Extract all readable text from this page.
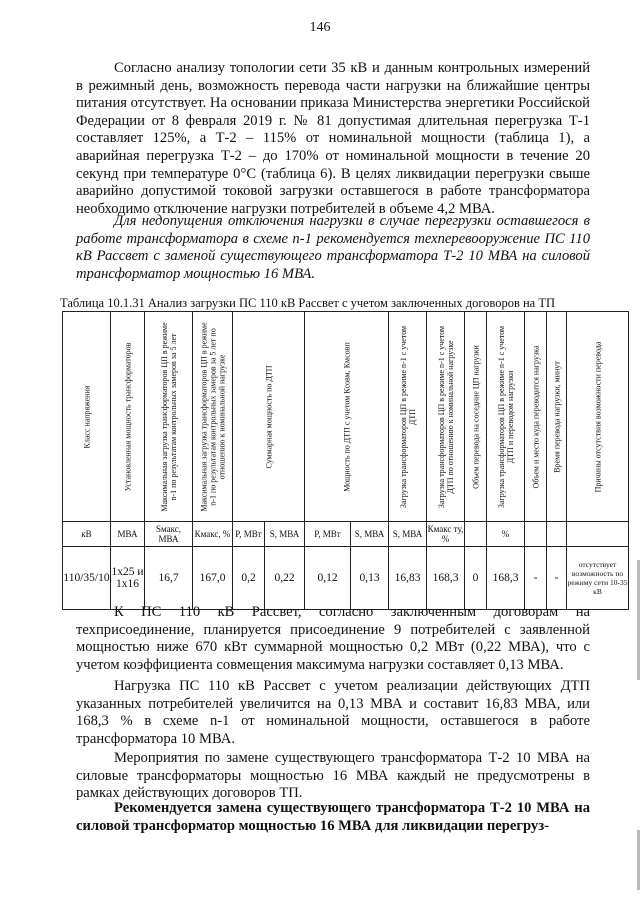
146

Согласно анализу топологии сети 35 кВ и данным контрольных измерений в режимный день, возможность перевода части нагрузки на ближайшие центры питания отсутствует. На основании приказа Министерства энергетики Российской Федерации от 8 февраля 2019 г. № 81 допустимая длительная перегрузка Т-1 составляет 125%, а Т-2 – 115% от номинальной мощности (таблица 1), а аварийная перегрузка Т-2 – до 170% от номинальной мощности в течение 20 секунд при температуре 0°С (таблица 6). В целях ликвидации перегрузки свыше аварийно допустимой токовой загрузки оставшегося в работе трансформатора необходимо отключение нагрузки потребителей в объеме 4,2 МВА.

Для недопущения отключения нагрузки в случае перегрузки оставшегося в работе трансформатора в схеме n-1 рекомендуется техперевооружение ПС 110 кВ Рассвет с заменой существующего трансформатора Т-2 10 МВА на силовой трансформатор мощностью 16 МВА.

Таблица 10.1.31 Анализ загрузки ПС 110 кВ Рассвет с учетом заключенных договоров на ТП
Класс напряжения	Установленная мощность трансформаторов	Максимальная загрузка трансформаторов ЦП в режиме n-1 по результатам контрольных замеров за 5 лет	Максимальная загрузка трансформаторов ЦП в режиме n-1 по результатам контрольных замеров за 5 лет по отношению к номинальной нагрузке	Суммарная мощность по ДТП		Мощность по ДТП с учетом Ксовм, Кмсовп		Загрузка трансформаторов ЦП в режиме n-1 с учетом ДТП	Загрузка трансформаторов ЦП в режиме n-1 с учетом ДТП по отношению к номинальной нагрузке	Объем перевода на соседние ЦП нагрузки	Загрузка трансформаторов ЦП в режиме n-1 с учетом ДТП и переводом нагрузки	Объем и место куда переводится нагрузка	Время перевода нагрузки, минут	Причины отсутствия возможности перевода

кВ	МВА	Sмакс, МВА	Кмакс, %	P, МВт	S, МВА	P, МВт	S, МВА	S, МВА	Кмакс ту, %		%			
110/35/10	1x25 и 1x16	16,7	167,0	0,2	0,22	0,12	0,13	16,83	168,3	0	168,3	-	-	отсутствует возможность по режиму сети 10-35 кВ

К ПС 110 кВ Рассвет, согласно заключенным договорам на техприсоединение, планируется присоединение 9 потребителей с заявленной мощностью ниже 670 кВт суммарной мощностью 0,2 МВт (0,22 МВА), что с учетом коэффициента совмещения максимума нагрузки составляет 0,13 МВА.

Нагрузка ПС 110 кВ Рассвет с учетом реализации действующих ДТП указанных потребителей увеличится на 0,13 МВА и составит 16,83 МВА, или 168,3 % в схеме n-1 от номинальной мощности, оставшегося в работе трансформатора 10 МВА.

Мероприятия по замене существующего трансформатора Т-2 10 МВА на силовые трансформаторы мощностью 16 МВА каждый не предусмотрены в рамках действующих договоров ТП.

Рекомендуется замена существующего трансформатора Т-2 10 МВА на силовой трансформатор мощностью 16 МВА для ликвидации перегруз-
